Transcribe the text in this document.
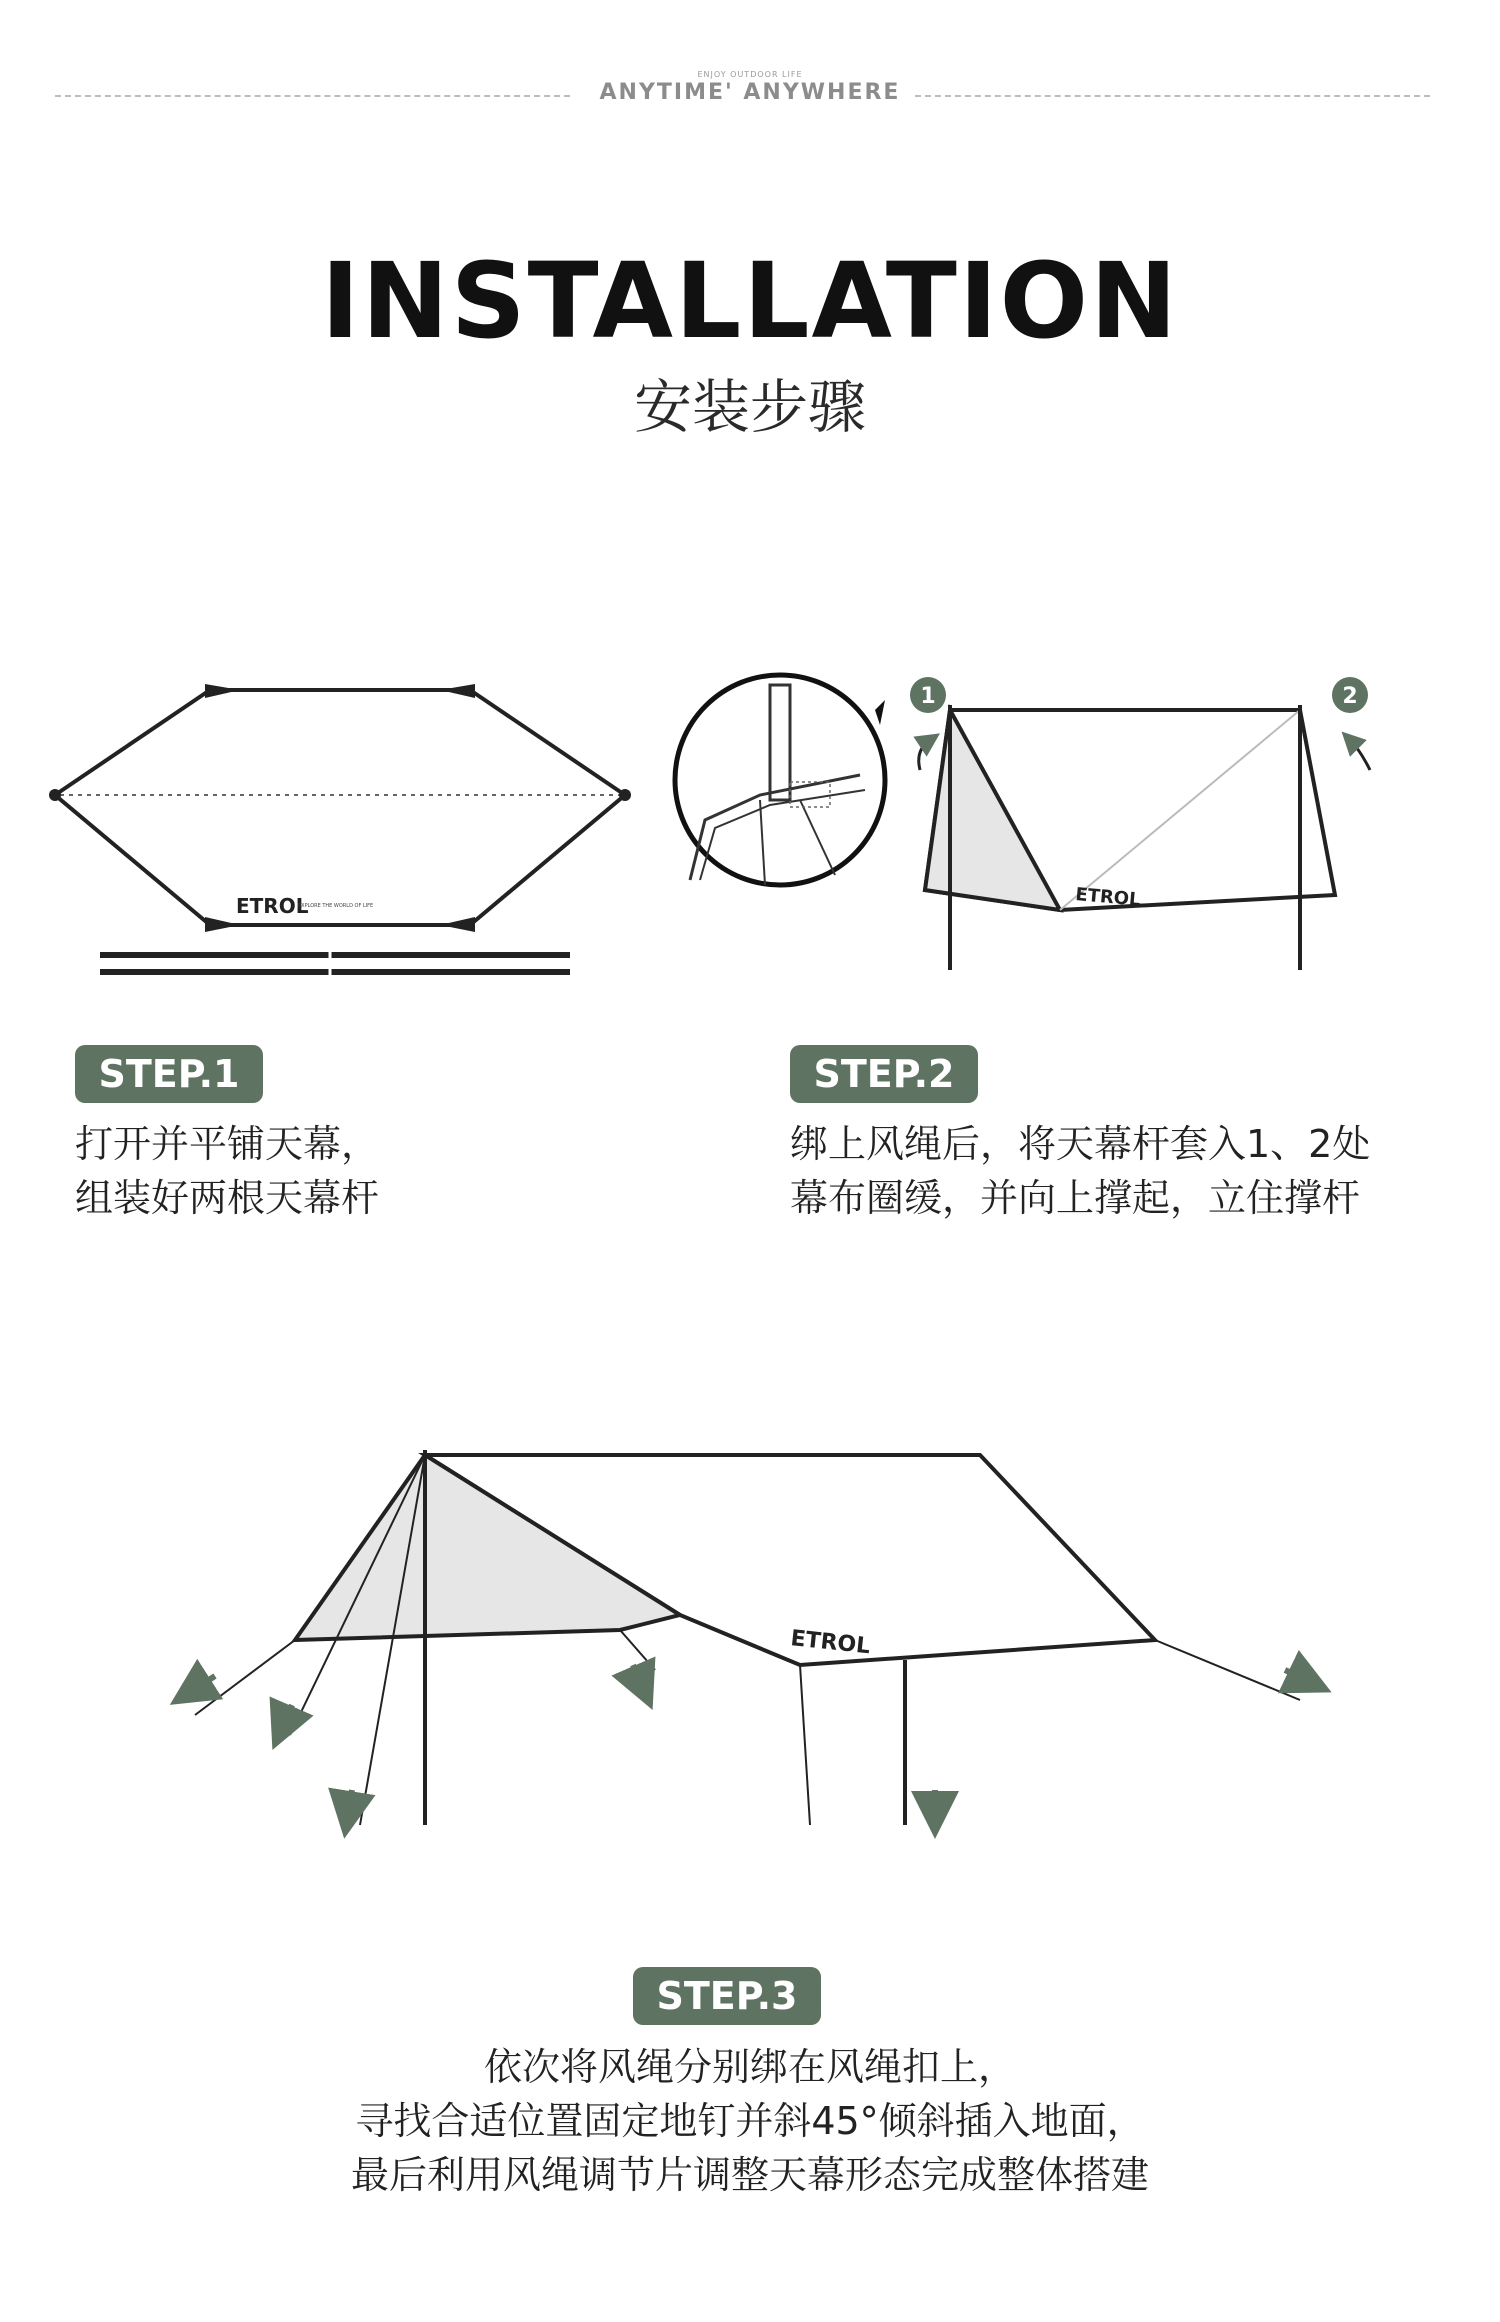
ENJOY OUTDOOR LIFE
ANYTIME' ANYWHERE
INSTALLATION
安装步骤
ETROL
EXPLORE THE WORLD OF LIFE	ETROL
1	2
ETROL
STEP.1
打开并平铺天幕，
组装好两根天幕杆
STEP.2
绑上风绳后，将天幕杆套入1、2处
幕布圈缓，并向上撑起，立住撑杆
STEP.3
依次将风绳分别绑在风绳扣上，
寻找合适位置固定地钉并斜45°倾斜插入地面，
最后利用风绳调节片调整天幕形态完成整体搭建
